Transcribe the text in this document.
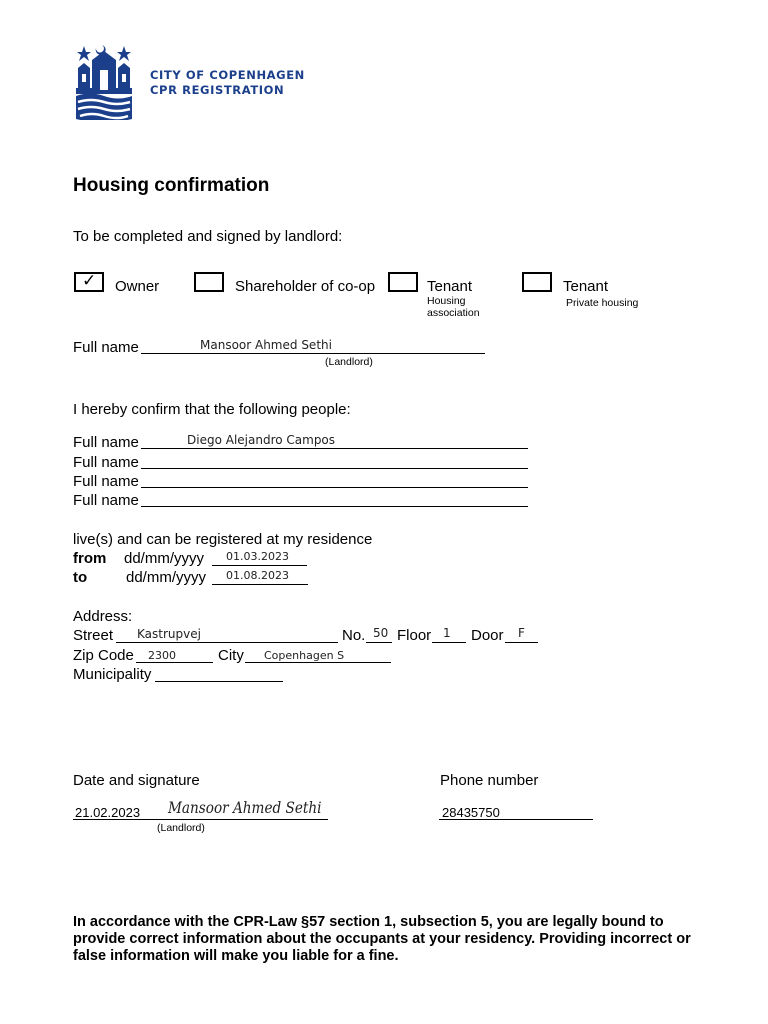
CITY OF COPENHAGEN
CPR REGISTRATION
Housing confirmation
To be completed and signed by landlord:
✓ Owner	Shareholder of co-op	Tenant
Housing
association
Tenant
Private housing
Full name	Mansoor Ahmed Sethi
(Landlord)
I hereby confirm that the following people:
Full name	Diego Alejandro Campos
Full name
Full name
Full name
live(s) and can be registered at my residence
from dd/mm/yyyy 01.03.2023
to	dd/mm/yyyy 01.08.2023
Address:
Street Kastrupvej	No. 50 Floor 1 Door F
Zip Code 2300	City Copenhagen S
Municipality
Date and signature	Phone number
21.02.2023 Mansoor Ahmed Sethi
(Landlord)
28435750
In accordance with the CPR-Law §57 section 1, subsection 5, you are legally bound to provide correct information about the occupants at your residency. Providing incorrect or false information will make you liable for a fine.
